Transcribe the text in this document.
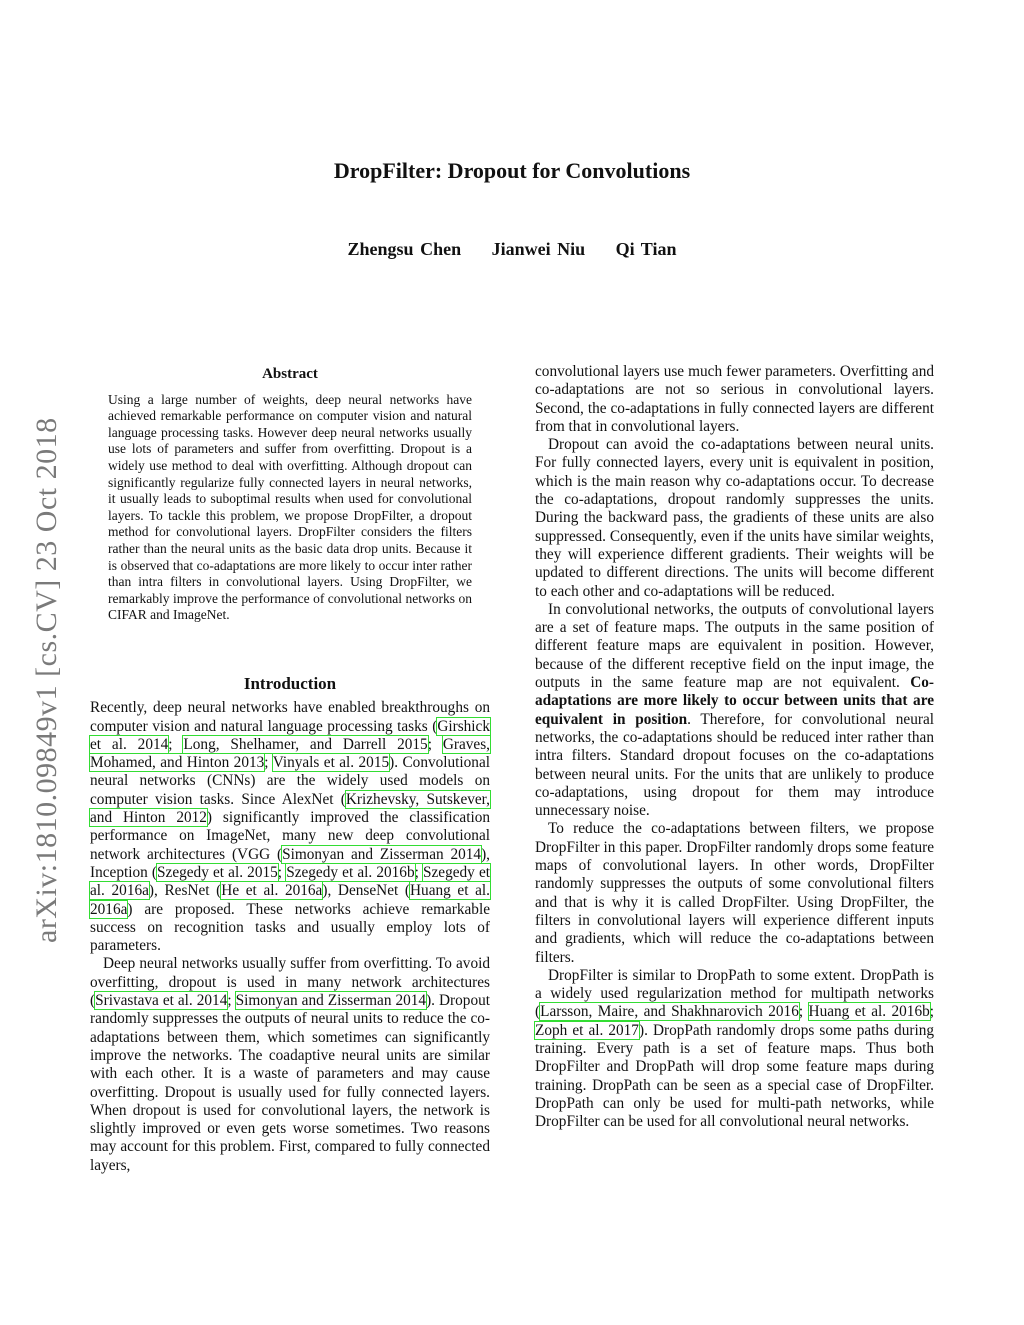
DropFilter: Dropout for Convolutions
Zhengsu Chen Jianwei Niu Qi Tian
arXiv:1810.09849v1 [cs.CV] 23 Oct 2018
Abstract

Using a large number of weights, deep neural networks have achieved remarkable performance on computer vision and natural language processing tasks. However deep neural networks usually use lots of parameters and suffer from overfitting. Dropout is a widely use method to deal with overfitting. Although dropout can significantly regularize fully connected layers in neural networks, it usually leads to suboptimal results when used for convolutional layers. To tackle this problem, we propose DropFilter, a dropout method for convolutional layers. DropFilter considers the filters rather than the neural units as the basic data drop units. Because it is observed that co-adaptations are more likely to occur inter rather than intra filters in convolutional layers. Using DropFilter, we remarkably improve the performance of convolutional networks on CIFAR and ImageNet.

Introduction

Recently, deep neural networks have enabled breakthroughs on computer vision and natural language processing tasks (Girshick et al. 2014; Long, Shelhamer, and Darrell 2015; Graves, Mohamed, and Hinton 2013; Vinyals et al. 2015). Convolutional neural networks (CNNs) are the widely used models on computer vision tasks. Since AlexNet (Krizhevsky, Sutskever, and Hinton 2012) significantly improved the classification performance on ImageNet, many new deep convolutional network architectures (VGG (Simonyan and Zisserman 2014), Inception (Szegedy et al. 2015; Szegedy et al. 2016b; Szegedy et al. 2016a), ResNet (He et al. 2016a), DenseNet (Huang et al. 2016a) are proposed. These networks achieve remarkable success on recognition tasks and usually employ lots of parameters.

Deep neural networks usually suffer from overfitting. To avoid overfitting, dropout is used in many network architectures (Srivastava et al. 2014; Simonyan and Zisserman 2014). Dropout randomly suppresses the outputs of neural units to reduce the co-adaptations between them, which sometimes can significantly improve the networks. The coadaptive neural units are similar with each other. It is a waste of parameters and may cause overfitting. Dropout is usually used for fully connected layers. When dropout is used for convolutional layers, the network is slightly improved or even gets worse sometimes. Two reasons may account for this problem. First, compared to fully connected layers,

convolutional layers use much fewer parameters. Overfitting and co-adaptations are not so serious in convolutional layers. Second, the co-adaptations in fully connected layers are different from that in convolutional layers.

Dropout can avoid the co-adaptations between neural units. For fully connected layers, every unit is equivalent in position, which is the main reason why co-adaptations occur. To decrease the co-adaptations, dropout randomly suppresses the units. During the backward pass, the gradients of these units are also suppressed. Consequently, even if the units have similar weights, they will experience different gradients. Their weights will be updated to different directions. The units will become different to each other and co-adaptations will be reduced.

In convolutional networks, the outputs of convolutional layers are a set of feature maps. The outputs in the same position of different feature maps are equivalent in position. However, because of the different receptive field on the input image, the outputs in the same feature map are not equivalent. Co-adaptations are more likely to occur between units that are equivalent in position. Therefore, for convolutional neural networks, the co-adaptations should be reduced inter rather than intra filters. Standard dropout focuses on the co-adaptations between neural units. For the units that are unlikely to produce co-adaptations, using dropout for them may introduce unnecessary noise.

To reduce the co-adaptations between filters, we propose DropFilter in this paper. DropFilter randomly drops some feature maps of convolutional layers. In other words, DropFilter randomly suppresses the outputs of some convolutional filters and that is why it is called DropFilter. Using DropFilter, the filters in convolutional layers will experience different inputs and gradients, which will reduce the co-adaptations between filters.

DropFilter is similar to DropPath to some extent. DropPath is a widely used regularization method for multipath networks (Larsson, Maire, and Shakhnarovich 2016; Huang et al. 2016b; Zoph et al. 2017). DropPath randomly drops some paths during training. Every path is a set of feature maps. Thus both DropFilter and DropPath will drop some feature maps during training. DropPath can be seen as a special case of DropFilter. DropPath can only be used for multi-path networks, while DropFilter can be used for all convolutional neural networks.
